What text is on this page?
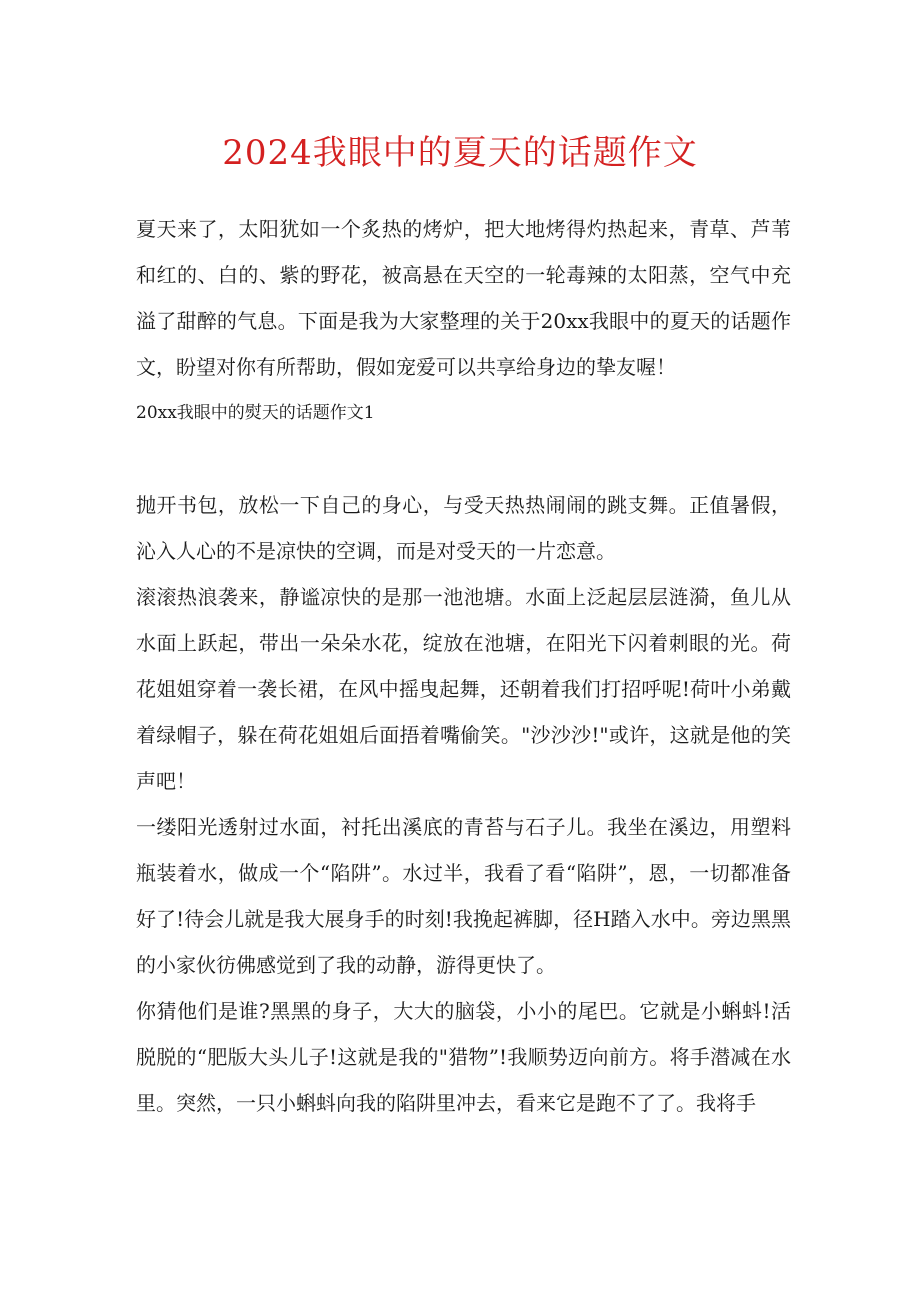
2024我眼中的夏天的话题作文

夏天来了，太阳犹如一个炙热的烤炉，把大地烤得灼热起来，青草、芦苇和红的、白的、紫的野花，被高悬在天空的一轮毒辣的太阳蒸，空气中充溢了甜醉的气息。下面是我为大家整理的关于20xx我眼中的夏天的话题作文，盼望对你有所帮助，假如宠爱可以共享给身边的挚友喔！

20xx我眼中的熨天的话题作文1

抛开书包，放松一下自己的身心，与受天热热闹闹的跳支舞。正值暑假，沁入人心的不是凉快的空调，而是对受天的一片恋意。

滚滚热浪袭来，静谧凉快的是那一池池塘。水面上泛起层层涟漪，鱼儿从水面上跃起，带出一朵朵水花，绽放在池塘，在阳光下闪着刺眼的光。荷花姐姐穿着一袭长裙，在风中摇曳起舞，还朝着我们打招呼呢!荷叶小弟戴着绿帽子，躲在荷花姐姐后面捂着嘴偷笑。"沙沙沙!"或许，这就是他的笑声吧！

一缕阳光透射过水面，衬托出溪底的青苔与石子儿。我坐在溪边，用塑料瓶装着水，做成一个“陷阱”。水过半，我看了看“陷阱”，恩，一切都准备好了!待会儿就是我大展身手的时刻!我挽起裤脚，径H踏入水中。旁边黑黑的小家伙彷佛感觉到了我的动静，游得更快了。

你猜他们是谁?黑黑的身子，大大的脑袋，小小的尾巴。它就是小蝌蚪!活脱脱的“肥版大头儿子!这就是我的"猎物”!我顺势迈向前方。将手潜减在水里。突然，一只小蝌蚪向我的陷阱里冲去，看来它是跑不了了。我将手
